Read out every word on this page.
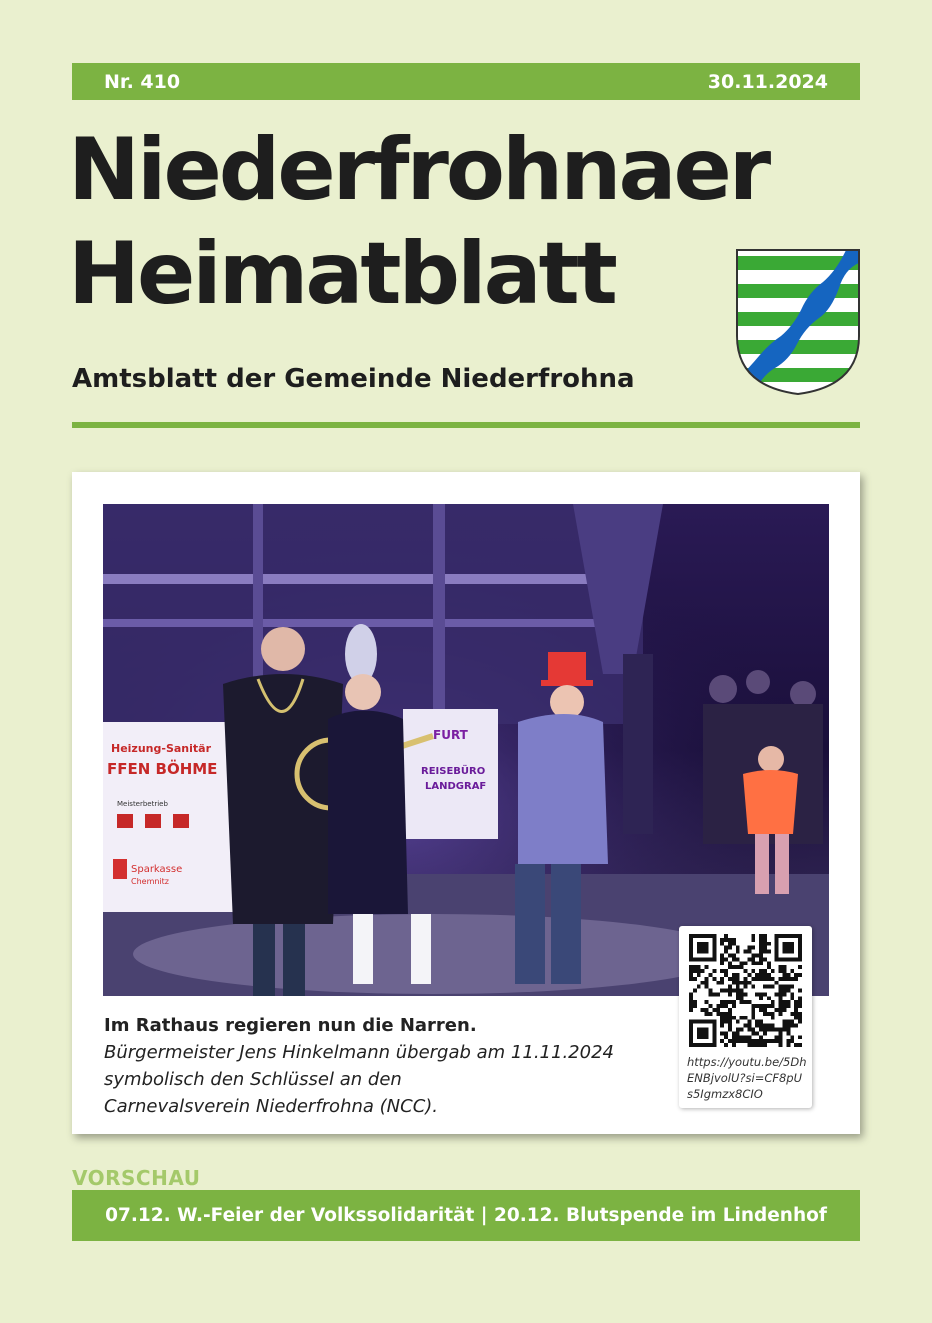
Nr. 410	30.11.2024
Niederfrohnaer
Heimatblatt
Amtsblatt der Gemeinde Niederfrohna
Heizung-Sanitär
FFEN BÖHME
Meisterbetrieb
Sparkasse
Chemnitz
FURT
REISEBÜRO
LANDGRAF
Im Rathaus regieren nun die Narren.
Bürgermeister Jens Hinkelmann übergab am 11.11.2024
symbolisch den Schlüssel an den
Carnevalsverein Niederfrohna (NCC).
https://youtu.be/5DhENBjvolU?si=CF8pUs5Igmzx8CIO
VORSCHAU
07.12. W.-Feier der Volkssolidarität | 20.12. Blutspende im Lindenhof
